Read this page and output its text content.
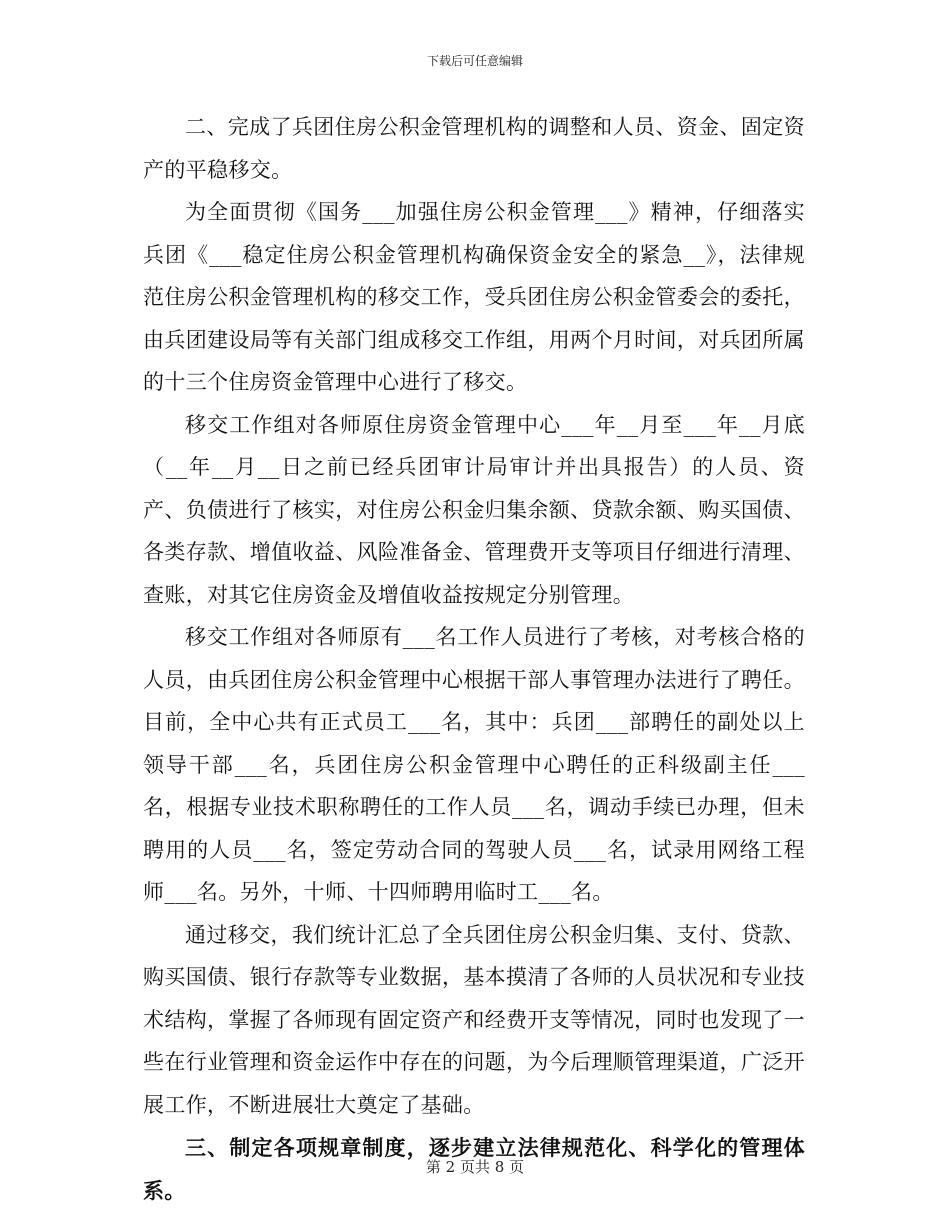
下载后可任意编辑

二、完成了兵团住房公积金管理机构的调整和人员、资金、固定资产的平稳移交。

为全面贯彻《国务___加强住房公积金管理___》精神，仔细落实兵团《___稳定住房公积金管理机构确保资金安全的紧急__》，法律规范住房公积金管理机构的移交工作，受兵团住房公积金管委会的委托，由兵团建设局等有关部门组成移交工作组，用两个月时间，对兵团所属的十三个住房资金管理中心进行了移交。

移交工作组对各师原住房资金管理中心___年__月至___年__月底（__年__月__日之前已经兵团审计局审计并出具报告）的人员、资产、负债进行了核实，对住房公积金归集余额、贷款余额、购买国债、各类存款、增值收益、风险准备金、管理费开支等项目仔细进行清理、查账，对其它住房资金及增值收益按规定分别管理。

移交工作组对各师原有___名工作人员进行了考核，对考核合格的人员，由兵团住房公积金管理中心根据干部人事管理办法进行了聘任。目前，全中心共有正式员工___名，其中：兵团___部聘任的副处以上领导干部___名，兵团住房公积金管理中心聘任的正科级副主任___名，根据专业技术职称聘任的工作人员___名，调动手续已办理，但未聘用的人员___名，签定劳动合同的驾驶人员___名，试录用网络工程师___名。另外，十师、十四师聘用临时工___名。

通过移交，我们统计汇总了全兵团住房公积金归集、支付、贷款、购买国债、银行存款等专业数据，基本摸清了各师的人员状况和专业技术结构，掌握了各师现有固定资产和经费开支等情况，同时也发现了一些在行业管理和资金运作中存在的问题，为今后理顺管理渠道，广泛开展工作，不断进展壮大奠定了基础。

三、制定各项规章制度，逐步建立法律规范化、科学化的管理体系。

第 2 页共 8 页
